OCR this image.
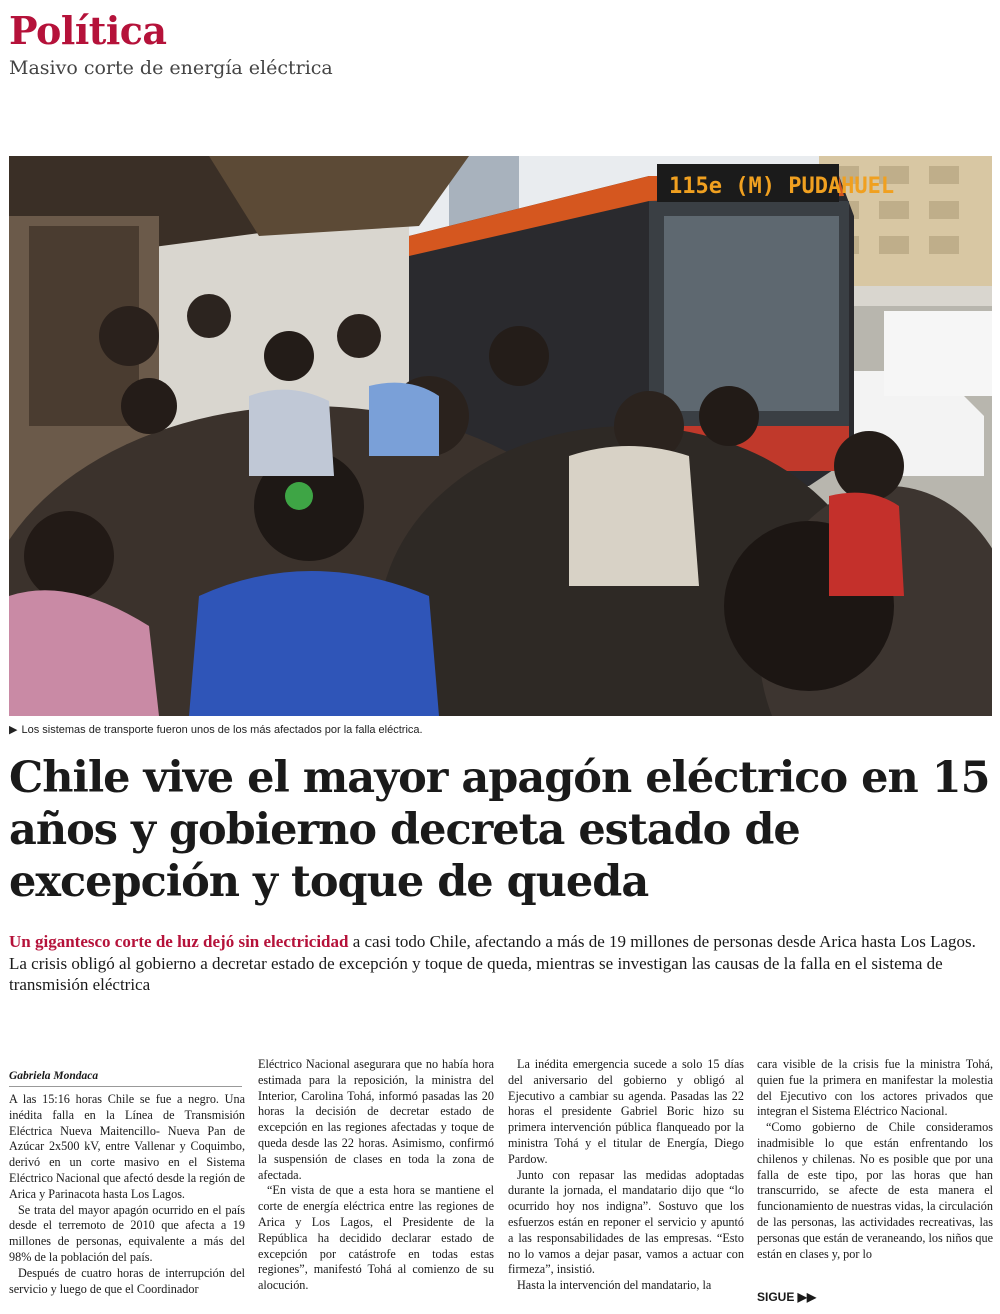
Política
Masivo corte de energía eléctrica
115e (M) PUDAHUEL
▶ Los sistemas de transporte fueron unos de los más afectados por la falla eléctrica.
Chile vive el mayor apagón eléctrico en 15 años y gobierno decreta estado de excepción y toque de queda
Un gigantesco corte de luz dejó sin electricidad a casi todo Chile, afectando a más de 19 millones de personas desde Arica hasta Los Lagos. La crisis obligó al gobierno a decretar estado de excepción y toque de queda, mientras se investigan las causas de la falla en el sistema de transmisión eléctrica
Gabriela Mondaca

A las 15:16 horas Chile se fue a negro. Una inédita falla en la Línea de Transmisión Eléctrica Nueva Maitencillo- Nueva Pan de Azúcar 2x500 kV, entre Vallenar y Coquimbo, derivó en un corte masivo en el Sistema Eléctrico Nacional que afectó desde la región de Arica y Parinacota hasta Los Lagos.

Se trata del mayor apagón ocurrido en el país desde el terremoto de 2010 que afecta a 19 millones de personas, equivalente a más del 98% de la población del país.

Después de cuatro horas de interrupción del servicio y luego de que el Coordinador

Eléctrico Nacional asegurara que no había hora estimada para la reposición, la ministra del Interior, Carolina Tohá, informó pasadas las 20 horas la decisión de decretar estado de excepción en las regiones afectadas y toque de queda desde las 22 horas. Asimismo, confirmó la suspensión de clases en toda la zona de afectada.

“En vista de que a esta hora se mantiene el corte de energía eléctrica entre las regiones de Arica y Los Lagos, el Presidente de la República ha decidido declarar estado de excepción por catástrofe en todas estas regiones”, manifestó Tohá al comienzo de su alocución.

La inédita emergencia sucede a solo 15 días del aniversario del gobierno y obligó al Ejecutivo a cambiar su agenda. Pasadas las 22 horas el presidente Gabriel Boric hizo su primera intervención pública flanqueado por la ministra Tohá y el titular de Energía, Diego Pardow.

Junto con repasar las medidas adoptadas durante la jornada, el mandatario dijo que “lo ocurrido hoy nos indigna”. Sostuvo que los esfuerzos están en reponer el servicio y apuntó a las responsabilidades de las empresas. “Esto no lo vamos a dejar pasar, vamos a actuar con firmeza”, insistió.

Hasta la intervención del mandatario, la

cara visible de la crisis fue la ministra Tohá, quien fue la primera en manifestar la molestia del Ejecutivo con los actores privados que integran el Sistema Eléctrico Nacional.

“Como gobierno de Chile consideramos inadmisible lo que están enfrentando los chilenos y chilenas. No es posible que por una falla de este tipo, por las horas que han transcurrido, se afecte de esta manera el funcionamiento de nuestras vidas, la circulación de las personas, las actividades recreativas, las personas que están de veraneando, los niños que están en clases y, por lo

SIGUE ▶▶
